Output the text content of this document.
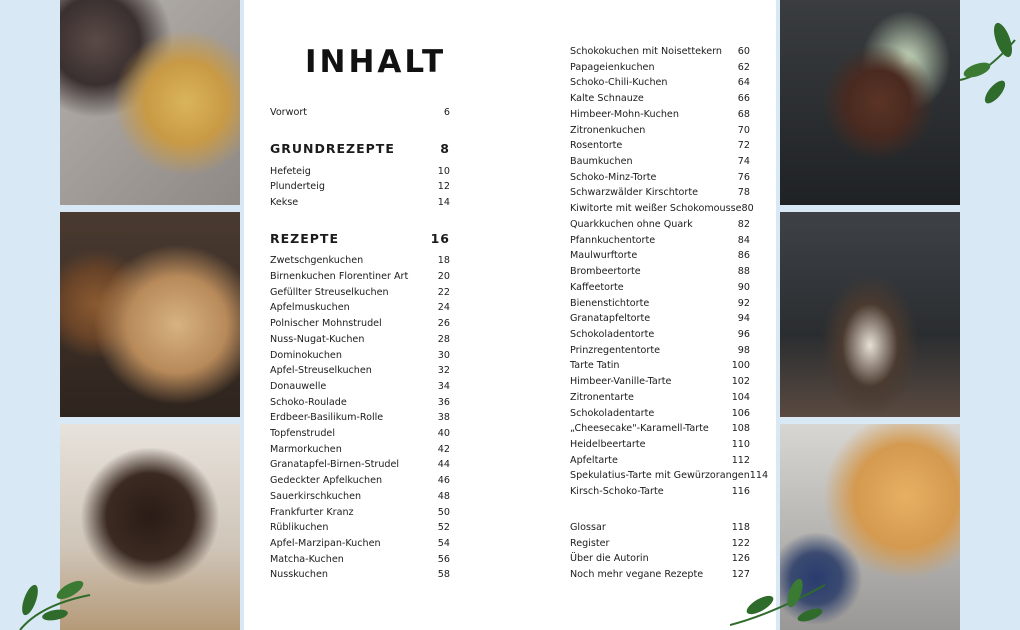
INHALT
Vorwort	6
GRUNDREZEPTE	8
Hefeteig	10
Plunderteig	12
Kekse	14
REZEPTE	16
Zwetschgenkuchen	18
Birnenkuchen Florentiner Art	20
Gefüllter Streuselkuchen	22
Apfelmuskuchen	24
Polnischer Mohnstrudel	26
Nuss-Nugat-Kuchen	28
Dominokuchen	30
Apfel-Streuselkuchen	32
Donauwelle	34
Schoko-Roulade	36
Erdbeer-Basilikum-Rolle	38
Topfenstrudel	40
Marmorkuchen	42
Granatapfel-Birnen-Strudel	44
Gedeckter Apfelkuchen	46
Sauerkirschkuchen	48
Frankfurter Kranz	50
Rüblikuchen	52
Apfel-Marzipan-Kuchen	54
Matcha-Kuchen	56
Nusskuchen	58
Schokokuchen mit Noisettekern 60
Papageienkuchen	62
Schoko-Chili-Kuchen	64
Kalte Schnauze	66
Himbeer-Mohn-Kuchen	68
Zitronenkuchen	70
Rosentorte	72
Baumkuchen	74
Schoko-Minz-Torte	76
Schwarzwälder Kirschtorte	78
Kiwitorte mit weißer Schokomousse 80
Quarkkuchen ohne Quark	82
Pfannkuchentorte	84
Maulwurftorte	86
Brombeertorte	88
Kaffeetorte	90
Bienenstichtorte	92
Granatapfeltorte	94
Schokoladentorte	96
Prinzregententorte	98
Tarte Tatin	100
Himbeer-Vanille-Tarte	102
Zitronentarte	104
Schokoladentarte	106
„Cheesecake"-Karamell-Tarte 108
Heidelbeertarte	110
Apfeltarte	112
Spekulatius-Tarte mit Gewürzorangen 114
Kirsch-Schoko-Tarte	116
Glossar	118
Register	122
Über die Autorin	126
Noch mehr vegane Rezepte	127
